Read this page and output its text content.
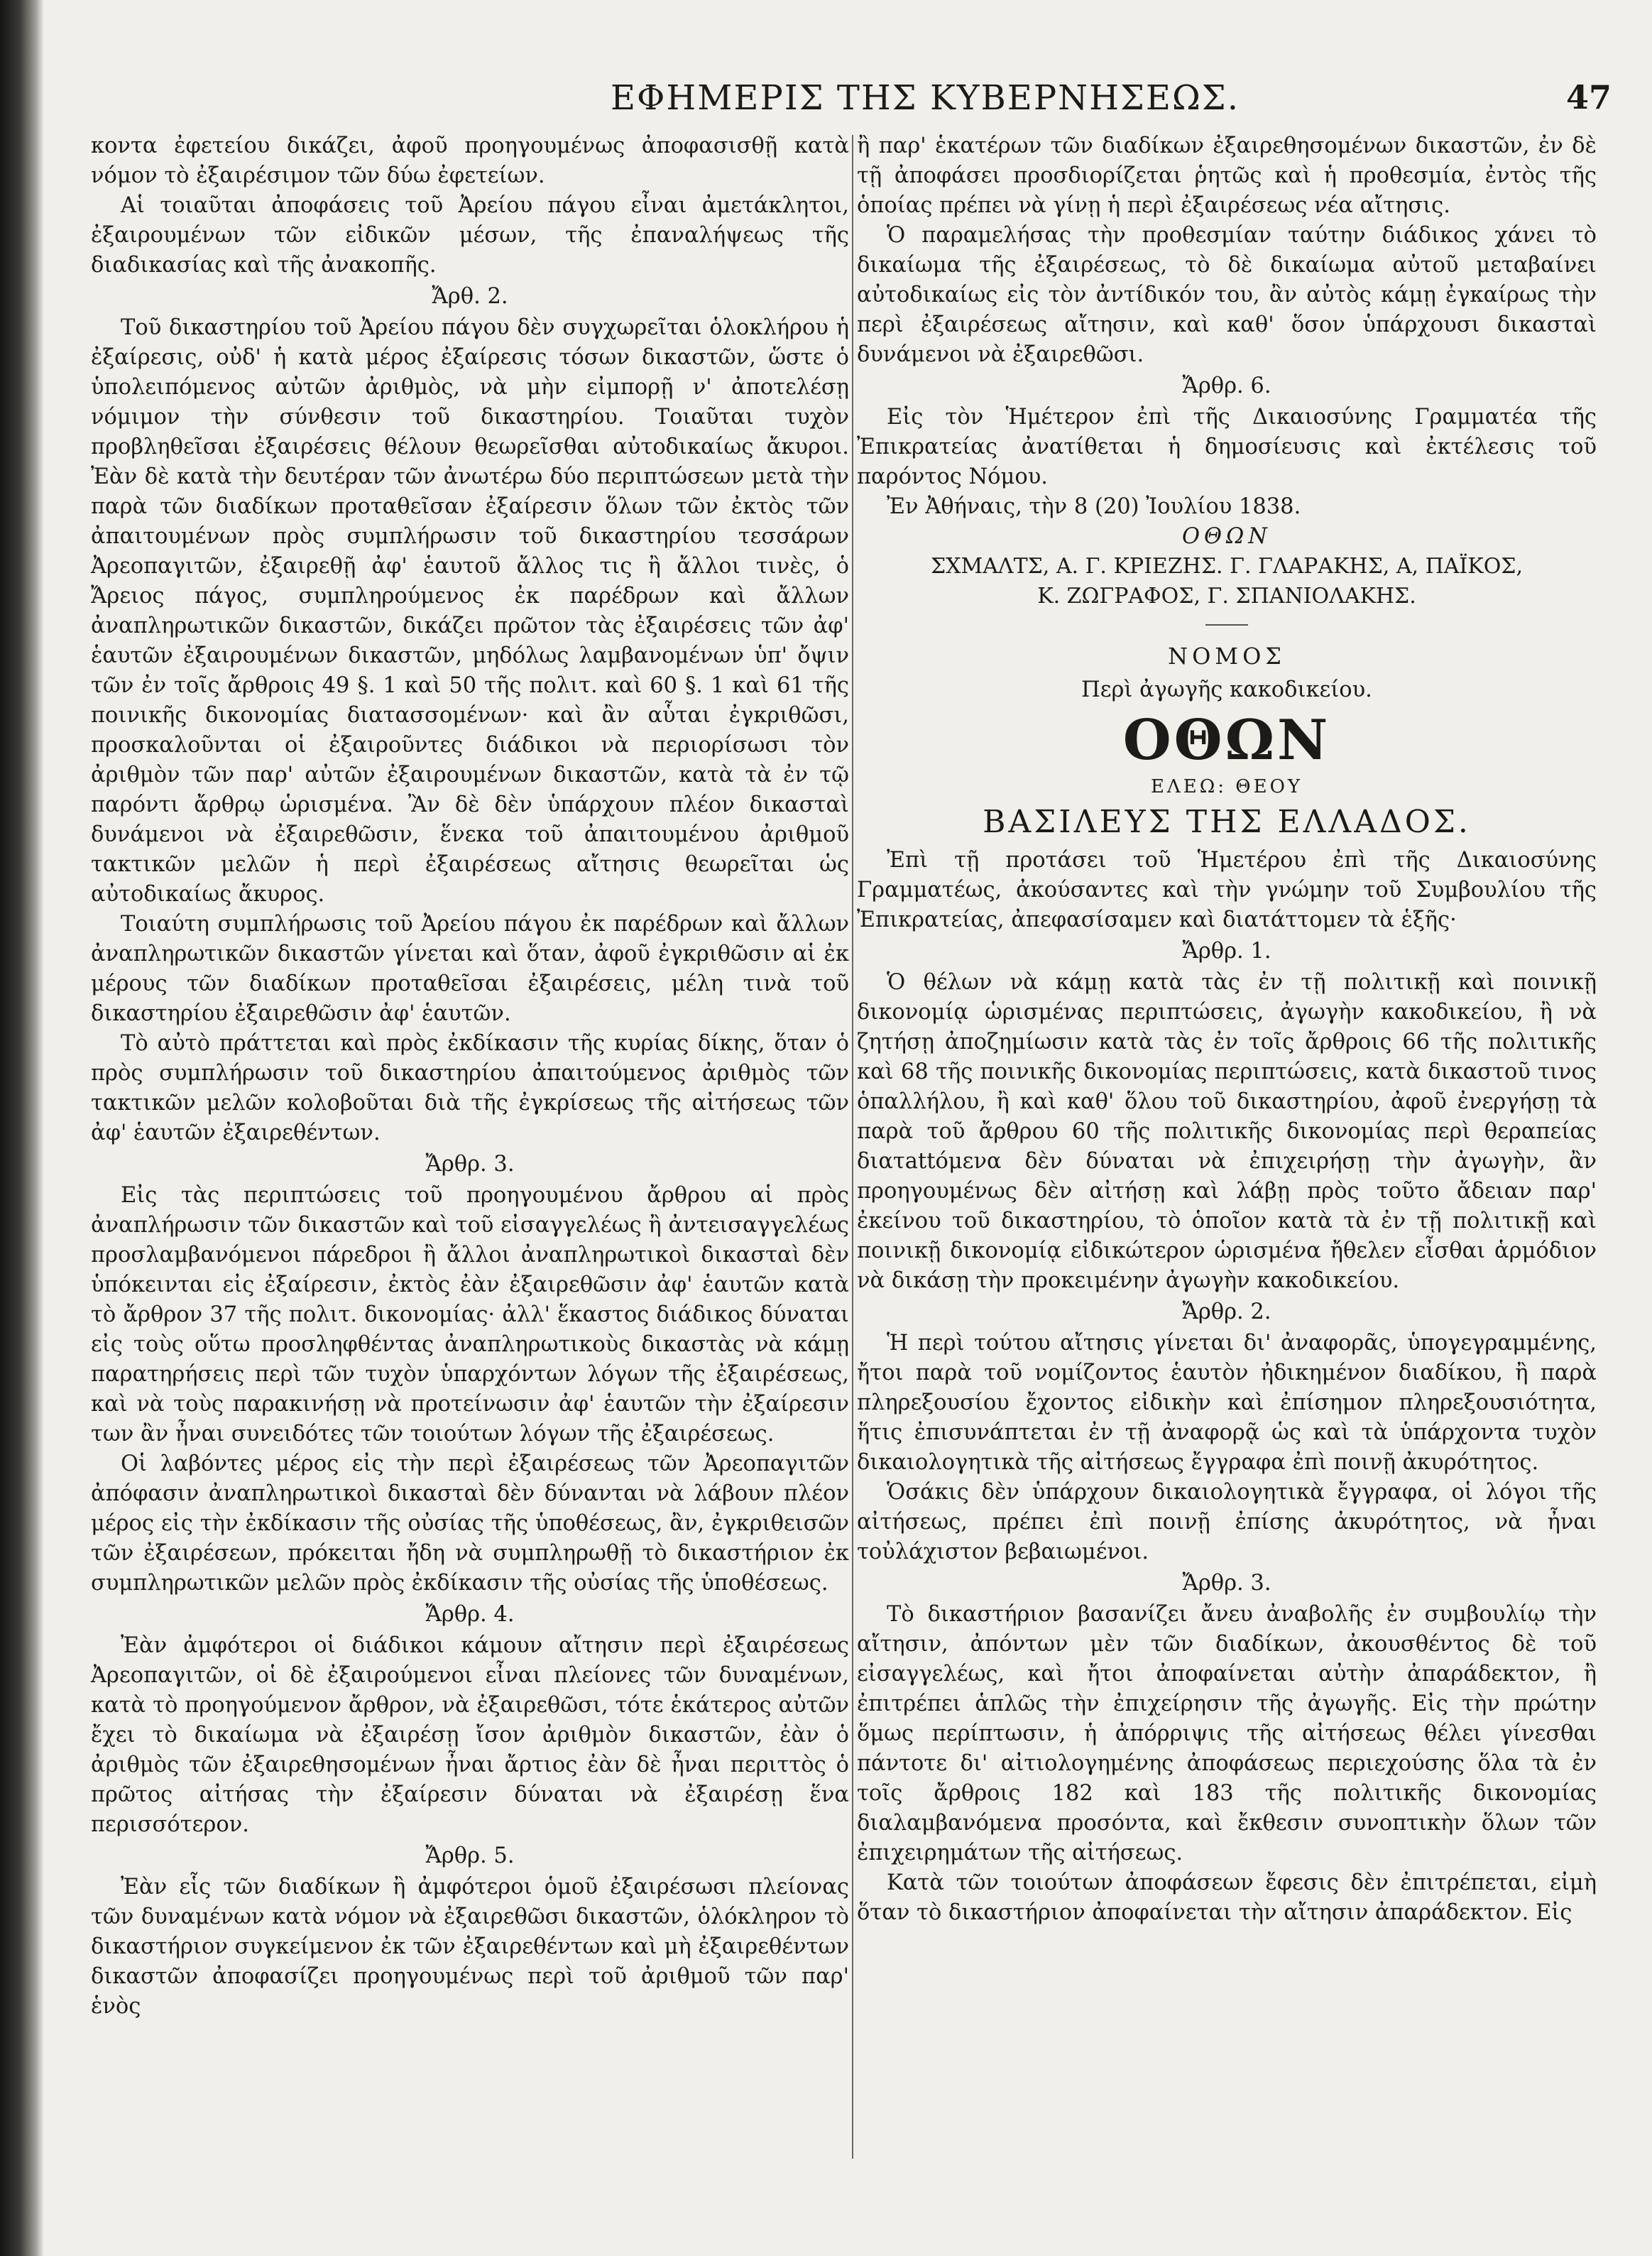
ΕΦΗΜΕΡΙΣ ΤΗΣ ΚΥΒΕΡΝΗΣΕΩΣ.	47

κοντα ἐφετείου δικάζει, ἀφοῦ προηγουμένως ἀποφασισθῇ κατὰ νόμον τὸ ἐξαιρέσιμον τῶν δύω ἐφετείων.

Αἱ τοιαῦται ἀποφάσεις τοῦ Ἀρείου πάγου εἶναι ἀμετάκλητοι, ἐξαιρουμένων τῶν εἰδικῶν μέσων, τῆς ἐπαναλήψεως τῆς διαδικασίας καὶ τῆς ἀνακοπῆς.

Ἄρθ. 2.

Τοῦ δικαστηρίου τοῦ Ἀρείου πάγου δὲν συγχωρεῖται ὁλοκλήρου ἡ ἐξαίρεσις, οὐδ' ἡ κατὰ μέρος ἐξαίρεσις τόσων δικαστῶν, ὥστε ὁ ὑπολειπόμενος αὐτῶν ἀριθμὸς, νὰ μὴν εἰμπορῇ ν' ἀποτελέσῃ νόμιμον τὴν σύνθεσιν τοῦ δικαστηρίου. Τοιαῦται τυχὸν προβληθεῖσαι ἐξαιρέσεις θέλουν θεωρεῖσθαι αὐτοδικαίως ἄκυροι. Ἐὰν δὲ κατὰ τὴν δευτέραν τῶν ἀνωτέρω δύο περιπτώσεων μετὰ τὴν παρὰ τῶν διαδίκων προταθεῖσαν ἐξαίρεσιν ὅλων τῶν ἐκτὸς τῶν ἀπαιτουμένων πρὸς συμπλήρωσιν τοῦ δικαστηρίου τεσσάρων Ἀρεοπαγιτῶν, ἐξαιρεθῇ ἀφ' ἑαυτοῦ ἄλλος τις ἢ ἄλλοι τινὲς, ὁ Ἄρειος πάγος, συμπληρούμενος ἐκ παρέδρων καὶ ἄλλων ἀναπληρωτικῶν δικαστῶν, δικάζει πρῶτον τὰς ἐξαιρέσεις τῶν ἀφ' ἑαυτῶν ἐξαιρουμένων δικαστῶν, μηδόλως λαμβανομένων ὑπ' ὄψιν τῶν ἐν τοῖς ἄρθροις 49 §. 1 καὶ 50 τῆς πολιτ. καὶ 60 §. 1 καὶ 61 τῆς ποινικῆς δικονομίας διατασσομένων· καὶ ἂν αὗται ἐγκριθῶσι, προσκαλοῦνται οἱ ἐξαιροῦντες διάδικοι νὰ περιορίσωσι τὸν ἀριθμὸν τῶν παρ' αὐτῶν ἐξαιρουμένων δικαστῶν, κατὰ τὰ ἐν τῷ παρόντι ἄρθρῳ ὡρισμένα. Ἂν δὲ δὲν ὑπάρχουν πλέον δικασταὶ δυνάμενοι νὰ ἐξαιρεθῶσιν, ἕνεκα τοῦ ἀπαιτουμένου ἀριθμοῦ τακτικῶν μελῶν ἡ περὶ ἐξαιρέσεως αἴτησις θεωρεῖται ὡς αὐτοδικαίως ἄκυρος.

Τοιαύτη συμπλήρωσις τοῦ Ἀρείου πάγου ἐκ παρέδρων καὶ ἄλλων ἀναπληρωτικῶν δικαστῶν γίνεται καὶ ὅταν, ἀφοῦ ἐγκριθῶσιν αἱ ἐκ μέρους τῶν διαδίκων προταθεῖσαι ἐξαιρέσεις, μέλη τινὰ τοῦ δικαστηρίου ἐξαιρεθῶσιν ἀφ' ἑαυτῶν.

Τὸ αὐτὸ πράττεται καὶ πρὸς ἐκδίκασιν τῆς κυρίας δίκης, ὅταν ὁ πρὸς συμπλήρωσιν τοῦ δικαστηρίου ἀπαιτούμενος ἀριθμὸς τῶν τακτικῶν μελῶν κολοβοῦται διὰ τῆς ἐγκρίσεως τῆς αἰτήσεως τῶν ἀφ' ἑαυτῶν ἐξαιρεθέντων.

Ἄρθρ. 3.

Εἰς τὰς περιπτώσεις τοῦ προηγουμένου ἄρθρου αἱ πρὸς ἀναπλήρωσιν τῶν δικαστῶν καὶ τοῦ εἰσαγγελέως ἢ ἀντεισαγγελέως προσλαμβανόμενοι πάρεδροι ἢ ἄλλοι ἀναπληρωτικοὶ δικασταὶ δὲν ὑπόκεινται εἰς ἐξαίρεσιν, ἐκτὸς ἐὰν ἐξαιρεθῶσιν ἀφ' ἑαυτῶν κατὰ τὸ ἄρθρον 37 τῆς πολιτ. δικονομίας· ἀλλ' ἕκαστος διάδικος δύναται εἰς τοὺς οὕτω προσληφθέντας ἀναπληρωτικοὺς δικαστὰς νὰ κάμῃ παρατηρήσεις περὶ τῶν τυχὸν ὑπαρχόντων λόγων τῆς ἐξαιρέσεως, καὶ νὰ τοὺς παρακινήσῃ νὰ προτείνωσιν ἀφ' ἑαυτῶν τὴν ἐξαίρεσιν των ἂν ἦναι συνειδότες τῶν τοιούτων λόγων τῆς ἐξαιρέσεως.

Οἱ λαβόντες μέρος εἰς τὴν περὶ ἐξαιρέσεως τῶν Ἀρεοπαγιτῶν ἀπόφασιν ἀναπληρωτικοὶ δικασταὶ δὲν δύνανται νὰ λάβουν πλέον μέρος εἰς τὴν ἐκδίκασιν τῆς οὐσίας τῆς ὑποθέσεως, ἂν, ἐγκριθεισῶν τῶν ἐξαιρέσεων, πρόκειται ἤδη νὰ συμπληρωθῇ τὸ δικαστήριον ἐκ συμπληρωτικῶν μελῶν πρὸς ἐκδίκασιν τῆς οὐσίας τῆς ὑποθέσεως.

Ἄρθρ. 4.

Ἐὰν ἀμφότεροι οἱ διάδικοι κάμουν αἴτησιν περὶ ἐξαιρέσεως Ἀρεοπαγιτῶν, οἱ δὲ ἐξαιρούμενοι εἶναι πλείονες τῶν δυναμένων, κατὰ τὸ προηγούμενον ἄρθρον, νὰ ἐξαιρεθῶσι, τότε ἑκάτερος αὐτῶν ἔχει τὸ δικαίωμα νὰ ἐξαιρέσῃ ἴσον ἀριθμὸν δικαστῶν, ἐὰν ὁ ἀριθμὸς τῶν ἐξαιρεθησομένων ἦναι ἄρτιος ἐὰν δὲ ἦναι περιττὸς ὁ πρῶτος αἰτήσας τὴν ἐξαίρεσιν δύναται νὰ ἐξαιρέσῃ ἕνα περισσότερον.

Ἄρθρ. 5.

Ἐὰν εἷς τῶν διαδίκων ἢ ἀμφότεροι ὁμοῦ ἐξαιρέσωσι πλείονας τῶν δυναμένων κατὰ νόμον νὰ ἐξαιρεθῶσι δικαστῶν, ὁλόκληρον τὸ δικαστήριον συγκείμενον ἐκ τῶν ἐξαιρεθέντων καὶ μὴ ἐξαιρεθέντων δικαστῶν ἀποφασίζει προηγουμένως περὶ τοῦ ἀριθμοῦ τῶν παρ' ἑνὸς

ἢ παρ' ἑκατέρων τῶν διαδίκων ἐξαιρεθησομένων δικαστῶν, ἐν δὲ τῇ ἀποφάσει προσδιορίζεται ῥητῶς καὶ ἡ προθεσμία, ἐντὸς τῆς ὁποίας πρέπει νὰ γίνῃ ἡ περὶ ἐξαιρέσεως νέα αἴτησις.

Ὁ παραμελήσας τὴν προθεσμίαν ταύτην διάδικος χάνει τὸ δικαίωμα τῆς ἐξαιρέσεως, τὸ δὲ δικαίωμα αὐτοῦ μεταβαίνει αὐτοδικαίως εἰς τὸν ἀντίδικόν του, ἂν αὐτὸς κάμῃ ἐγκαίρως τὴν περὶ ἐξαιρέσεως αἴτησιν, καὶ καθ' ὅσον ὑπάρχουσι δικασταὶ δυνάμενοι νὰ ἐξαιρεθῶσι.

Ἄρθρ. 6.

Εἰς τὸν Ἡμέτερον ἐπὶ τῆς Δικαιοσύνης Γραμματέα τῆς Ἐπικρατείας ἀνατίθεται ἡ δημοσίευσις καὶ ἐκτέλεσις τοῦ παρόντος Νόμου.

Ἐν Ἀθήναις, τὴν 8 (20) Ἰουλίου 1838.

ΟΘΩΝ

ΣΧΜΑΛΤΣ, Α. Γ. ΚΡΙΕΖΗΣ. Γ. ΓΛΑΡΑΚΗΣ, Α, ΠΑΪΚΟΣ,

Κ. ΖΩΓΡΑΦΟΣ, Γ. ΣΠΑΝΙΟΛΑΚΗΣ.

ΝΟΜΟΣ

Περὶ ἀγωγῆς κακοδικείου.

ΟΘΩΝ

ΕΛΕΩ: ΘΕΟΥ

ΒΑΣΙΛΕΥΣ ΤΗΣ ΕΛΛΑΔΟΣ.

Ἐπὶ τῇ προτάσει τοῦ Ἡμετέρου ἐπὶ τῆς Δικαιοσύνης Γραμματέως, ἀκούσαντες καὶ τὴν γνώμην τοῦ Συμβουλίου τῆς Ἐπικρατείας, ἀπεφασίσαμεν καὶ διατάττομεν τὰ ἑξῆς·

Ἄρθρ. 1.

Ὁ θέλων νὰ κάμῃ κατὰ τὰς ἐν τῇ πολιτικῇ καὶ ποινικῇ δικονομίᾳ ὡρισμένας περιπτώσεις, ἀγωγὴν κακοδικείου, ἢ νὰ ζητήσῃ ἀποζημίωσιν κατὰ τὰς ἐν τοῖς ἄρθροις 66 τῆς πολιτικῆς καὶ 68 τῆς ποινικῆς δικονομίας περιπτώσεις, κατὰ δικαστοῦ τινος ὁπαλλήλου, ἢ καὶ καθ' ὅλου τοῦ δικαστηρίου, ἀφοῦ ἐνεργήσῃ τὰ παρὰ τοῦ ἄρθρου 60 τῆς πολιτικῆς δικονομίας περὶ θεραπείας διατattόμενα δὲν δύναται νὰ ἐπιχειρήσῃ τὴν ἀγωγὴν, ἂν προηγουμένως δὲν αἰτήσῃ καὶ λάβῃ πρὸς τοῦτο ἄδειαν παρ' ἐκείνου τοῦ δικαστηρίου, τὸ ὁποῖον κατὰ τὰ ἐν τῇ πολιτικῇ καὶ ποινικῇ δικονομίᾳ εἰδικώτερον ὡρισμένα ἤθελεν εἶσθαι ἁρμόδιον νὰ δικάσῃ τὴν προκειμένην ἀγωγὴν κακοδικείου.

Ἄρθρ. 2.

Ἡ περὶ τούτου αἴτησις γίνεται δι' ἀναφορᾶς, ὑπογεγραμμένης, ἤτοι παρὰ τοῦ νομίζοντος ἑαυτὸν ἠδικημένον διαδίκου, ἢ παρὰ πληρεξουσίου ἔχοντος εἰδικὴν καὶ ἐπίσημον πληρεξουσιότητα, ἥτις ἐπισυνάπτεται ἐν τῇ ἀναφορᾷ ὡς καὶ τὰ ὑπάρχοντα τυχὸν δικαιολογητικὰ τῆς αἰτήσεως ἔγγραφα ἐπὶ ποινῇ ἀκυρότητος.

Ὁσάκις δὲν ὑπάρχουν δικαιολογητικὰ ἔγγραφα, οἱ λόγοι τῆς αἰτήσεως, πρέπει ἐπὶ ποινῇ ἐπίσης ἀκυρότητος, νὰ ἦναι τοὐλάχιστον βεβαιωμένοι.

Ἄρθρ. 3.

Τὸ δικαστήριον βασανίζει ἄνευ ἀναβολῆς ἐν συμβουλίῳ τὴν αἴτησιν, ἀπόντων μὲν τῶν διαδίκων, ἀκουσθέντος δὲ τοῦ εἰσαγγελέως, καὶ ἤτοι ἀποφαίνεται αὐτὴν ἀπαράδεκτον, ἢ ἐπιτρέπει ἁπλῶς τὴν ἐπιχείρησιν τῆς ἀγωγῆς. Εἰς τὴν πρώτην ὅμως περίπτωσιν, ἡ ἀπόρριψις τῆς αἰτήσεως θέλει γίνεσθαι πάντοτε δι' αἰτιολογημένης ἀποφάσεως περιεχούσης ὅλα τὰ ἐν τοῖς ἄρθροις 182 καὶ 183 τῆς πολιτικῆς δικονομίας διαλαμβανόμενα προσόντα, καὶ ἔκθεσιν συνοπτικὴν ὅλων τῶν ἐπιχειρημάτων τῆς αἰτήσεως.

Κατὰ τῶν τοιούτων ἀποφάσεων ἔφεσις δὲν ἐπιτρέπεται, εἰμὴ ὅταν τὸ δικαστήριον ἀποφαίνεται τὴν αἴτησιν ἀπαράδεκτον. Εἰς
